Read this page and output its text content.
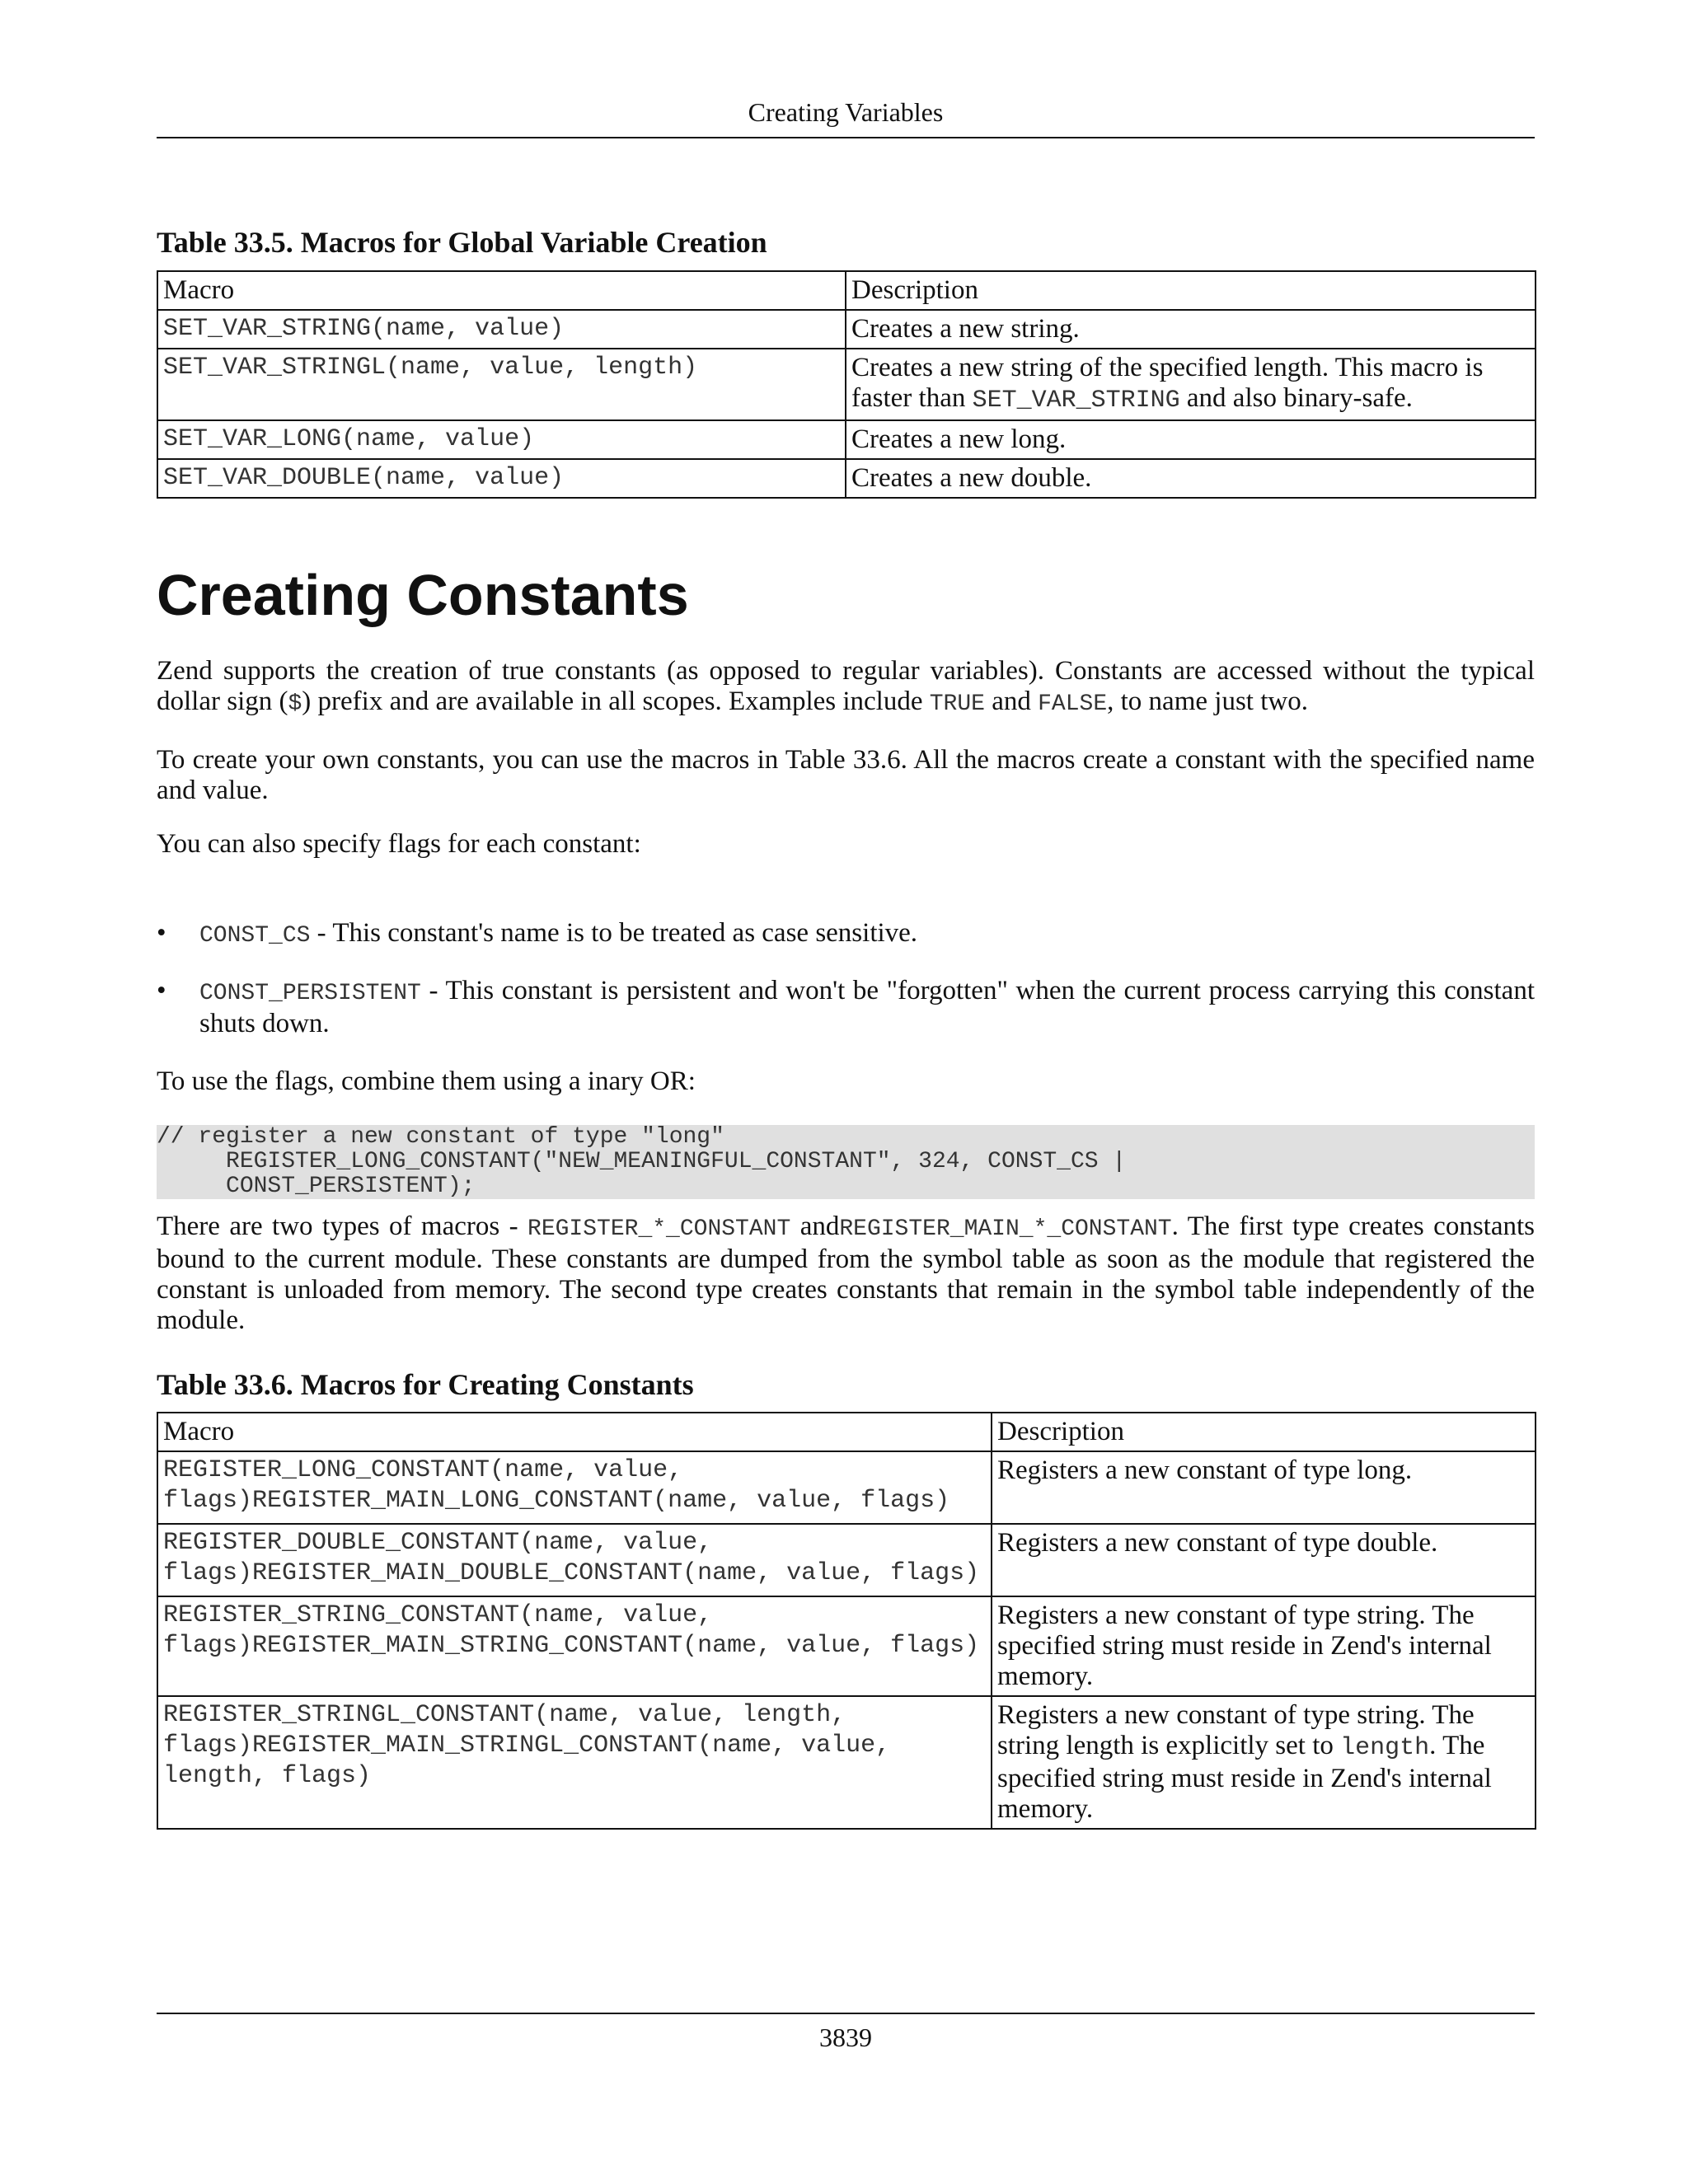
Creating Variables
Table 33.5. Macros for Global Variable Creation
Macro	Description
SET_VAR_STRING(name, value)	Creates a new string.
SET_VAR_STRINGL(name, value, length)	Creates a new string of the specified length. This macro is faster than SET_VAR_STRING and also binary-safe.
SET_VAR_LONG(name, value)	Creates a new long.
SET_VAR_DOUBLE(name, value)	Creates a new double.
Creating Constants

Zend supports the creation of true constants (as opposed to regular variables). Constants are accessed without the typical dollar sign ($) prefix and are available in all scopes. Examples include TRUE and FALSE, to name just two.

To create your own constants, you can use the macros in Table 33.6. All the macros create a constant with the specified name and value.

You can also specify flags for each constant:

•	CONST_CS - This constant's name is to be treated as case sensitive.
•	CONST_PERSISTENT - This constant is persistent and won't be "forgotten" when the current process carrying this constant shuts down.

To use the flags, combine them using a inary OR:

// register a new constant of type "long"
REGISTER_LONG_CONSTANT("NEW_MEANINGFUL_CONSTANT", 324, CONST_CS |
CONST_PERSISTENT);

There are two types of macros - REGISTER_*_CONSTANT andREGISTER_MAIN_*_CONSTANT. The first type creates constants bound to the current module. These constants are dumped from the symbol table as soon as the module that registered the constant is unloaded from memory. The second type creates constants that remain in the symbol table independently of the module.

Table 33.6. Macros for Creating Constants
Macro	Description
REGISTER_LONG_CONSTANT(name, value, flags)REGISTER_MAIN_LONG_CONSTANT(name, value, flags)	Registers a new constant of type long.
REGISTER_DOUBLE_CONSTANT(name, value, flags)REGISTER_MAIN_DOUBLE_CONSTANT(name, value, flags)	Registers a new constant of type double.
REGISTER_STRING_CONSTANT(name, value, flags)REGISTER_MAIN_STRING_CONSTANT(name, value, flags)	Registers a new constant of type string. The specified string must reside in Zend's internal memory.
REGISTER_STRINGL_CONSTANT(name, value, length, flags)REGISTER_MAIN_STRINGL_CONSTANT(name, value, length, flags)	Registers a new constant of type string. The string length is explicitly set to length. The specified string must reside in Zend's internal memory.
3839
